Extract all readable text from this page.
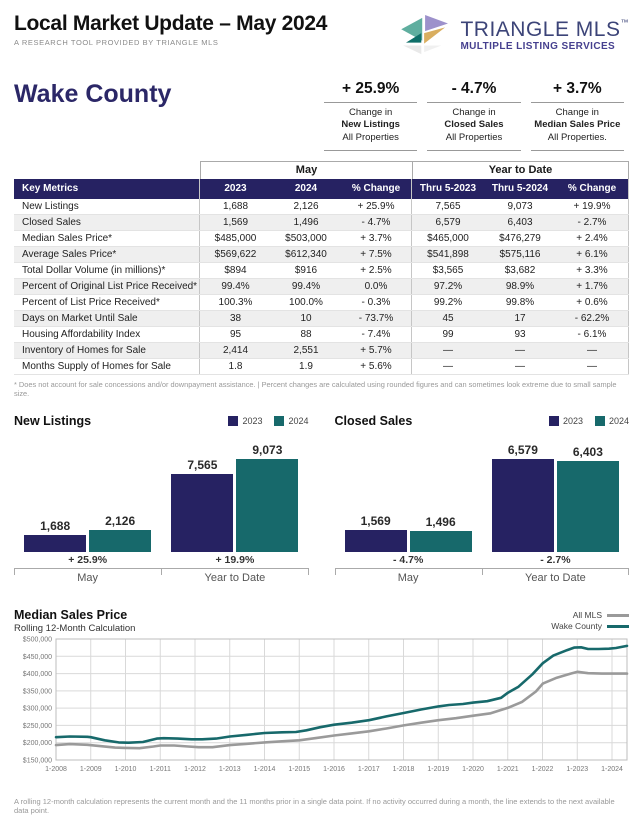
Local Market Update – May 2024
A RESEARCH TOOL PROVIDED BY TRIANGLE MLS
TRIANGLE MLS™
MULTIPLE LISTING SERVICES
Wake County	+ 25.9%
Change in
New Listings
All Properties
- 4.7%
Change in
Closed Sales
All Properties
+ 3.7%
Change in
Median Sales Price
All Properties.
May	Year to Date
Key Metrics	2023	2024	% Change	Thru 5-2023	Thru 5-2024	% Change
New Listings	1,688	2,126	+ 25.9%	7,565	9,073	+ 19.9%
Closed Sales	1,569	1,496	- 4.7%	6,579	6,403	- 2.7%
Median Sales Price*	$485,000	$503,000	+ 3.7%	$465,000	$476,279	+ 2.4%
Average Sales Price*	$569,622	$612,340	+ 7.5%	$541,898	$575,116	+ 6.1%
Total Dollar Volume (in millions)*	$894	$916	+ 2.5%	$3,565	$3,682	+ 3.3%
Percent of Original List Price Received*	99.4%	99.4%	0.0%	97.2%	98.9%	+ 1.7%
Percent of List Price Received*	100.3%	100.0%	- 0.3%	99.2%	99.8%	+ 0.6%
Days on Market Until Sale	38	10	- 73.7%	45	17	- 62.2%
Housing Affordability Index	95	88	- 7.4%	99	93	- 6.1%
Inventory of Homes for Sale	2,414	2,551	+ 5.7%	—	—	—
Months Supply of Homes for Sale	1.8	1.9	+ 5.6%	—	—	—
* Does not account for sale concessions and/or downpayment assistance. | Percent changes are calculated using rounded figures and can sometimes look extreme due to small sample size.
New Listings	2023	2024
1,688	2,126
7,565
9,073
+ 25.9%	+ 19.9%
May	Year to Date
Closed Sales	2023	2024
1,569	1,496
6,579	6,403
- 4.7%	- 2.7%
May	Year to Date
Median Sales Price
Rolling 12-Month Calculation
All MLS
Wake County
$500,000
$450,000
$400,000
$350,000
$300,000
$250,000
$200,000
$150,000
1-2008 1-2009 1-2010 1-2011 1-2012 1-2013 1-2014 1-2015 1-2016 1-2017 1-2018 1-2019 1-2020 1-2021 1-2022 1-2023 1-2024
A rolling 12-month calculation represents the current month and the 11 months prior in a single data point. If no activity occurred during a month, the line extends to the next available data point.
